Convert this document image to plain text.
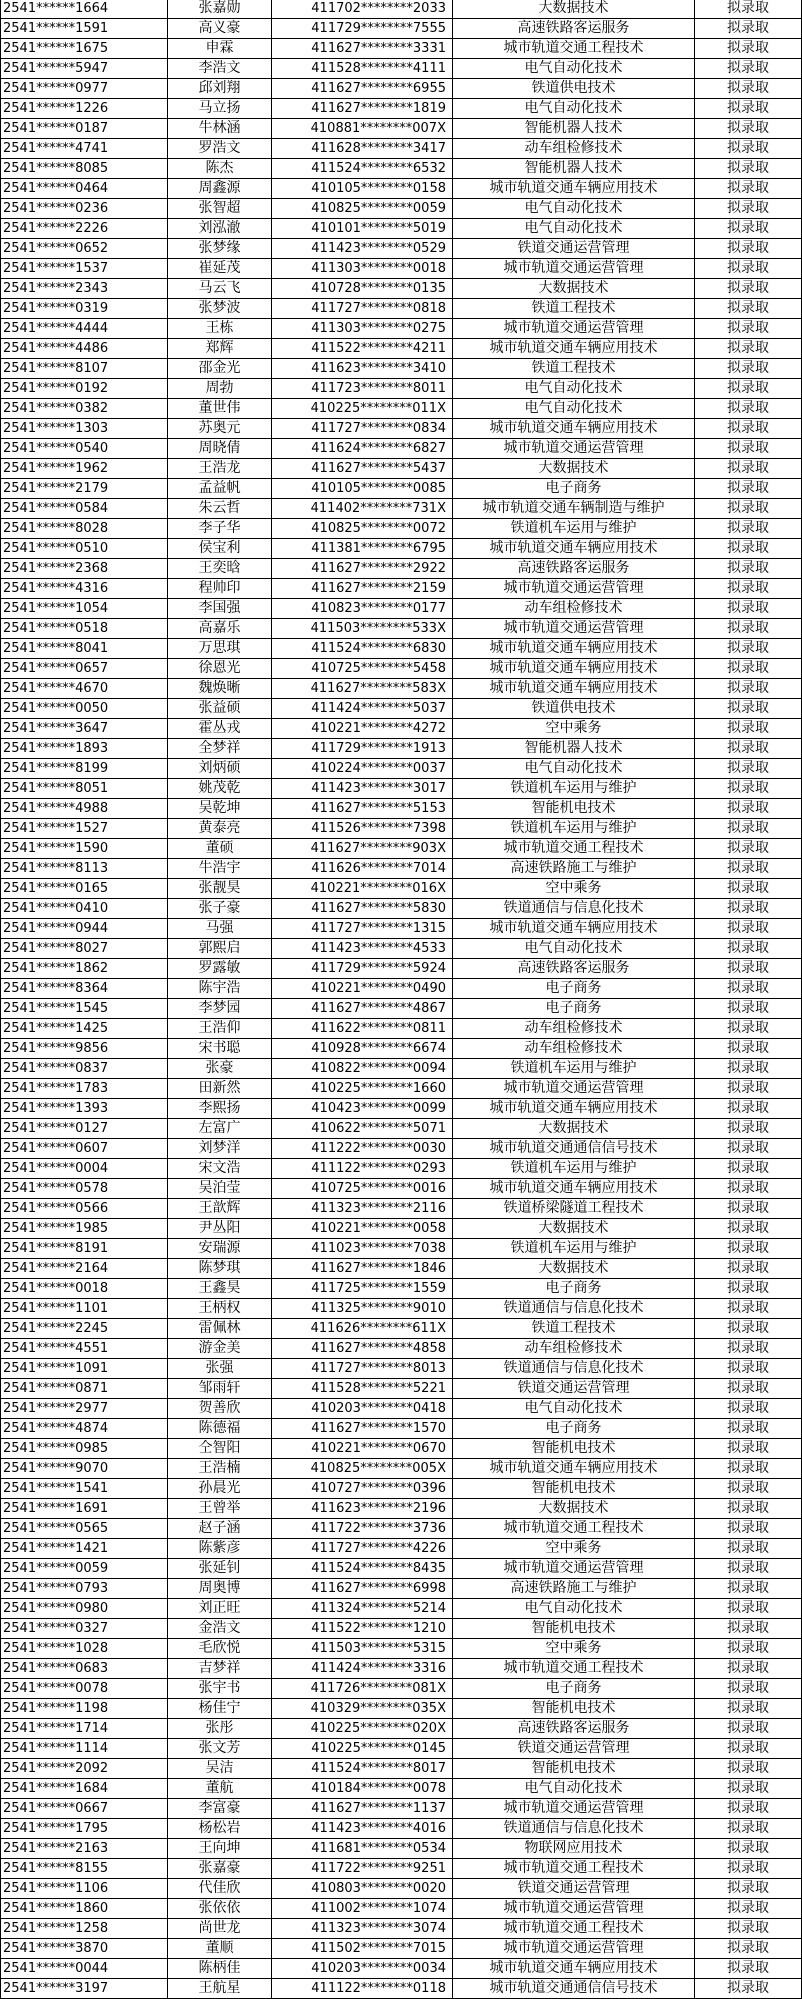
2541******1664	张嘉勋	411702********2033	大数据技术	拟录取
2541******1591	高义豪	411729********7555	高速铁路客运服务	拟录取
2541******1675	申霖	411627********3331	城市轨道交通工程技术	拟录取
2541******5947	李浩文	411528********4111	电气自动化技术	拟录取
2541******0977	邱刘翔	411627********6955	铁道供电技术	拟录取
2541******1226	马立扬	411627********1819	电气自动化技术	拟录取
2541******0187	牛林涵	410881********007X	智能机器人技术	拟录取
2541******4741	罗浩文	411628********3417	动车组检修技术	拟录取
2541******8085	陈杰	411524********6532	智能机器人技术	拟录取
2541******0464	周鑫源	410105********0158	城市轨道交通车辆应用技术	拟录取
2541******0236	张智超	410825********0059	电气自动化技术	拟录取
2541******2226	刘泓澈	410101********5019	电气自动化技术	拟录取
2541******0652	张梦缘	411423********0529	铁道交通运营管理	拟录取
2541******1537	崔延茂	411303********0018	城市轨道交通运营管理	拟录取
2541******2343	马云飞	410728********0135	大数据技术	拟录取
2541******0319	张梦波	411727********0818	铁道工程技术	拟录取
2541******4444	王栋	411303********0275	城市轨道交通运营管理	拟录取
2541******4486	郑辉	411522********4211	城市轨道交通车辆应用技术	拟录取
2541******8107	邵金光	411623********3410	铁道工程技术	拟录取
2541******0192	周勃	411723********8011	电气自动化技术	拟录取
2541******0382	董世伟	410225********011X	电气自动化技术	拟录取
2541******1303	苏奥元	411727********0834	城市轨道交通车辆应用技术	拟录取
2541******0540	周晓倩	411624********6827	城市轨道交通运营管理	拟录取
2541******1962	王浩龙	411627********5437	大数据技术	拟录取
2541******2179	孟益帆	410105********0085	电子商务	拟录取
2541******0584	朱云哲	411402********731X	城市轨道交通车辆制造与维护	拟录取
2541******8028	李子华	410825********0072	铁道机车运用与维护	拟录取
2541******0510	侯宝利	411381********6795	城市轨道交通车辆应用技术	拟录取
2541******2368	王奕晗	411627********2922	高速铁路客运服务	拟录取
2541******4316	程帅印	411627********2159	城市轨道交通运营管理	拟录取
2541******1054	李国强	410823********0177	动车组检修技术	拟录取
2541******0518	高嘉乐	411503********533X	城市轨道交通运营管理	拟录取
2541******8041	万思琪	411524********6830	城市轨道交通车辆应用技术	拟录取
2541******0657	徐恩光	410725********5458	城市轨道交通车辆应用技术	拟录取
2541******4670	魏焕晰	411627********583X	城市轨道交通车辆应用技术	拟录取
2541******0050	张益硕	411424********5037	铁道供电技术	拟录取
2541******3647	霍丛戎	410221********4272	空中乘务	拟录取
2541******1893	全梦祥	411729********1913	智能机器人技术	拟录取
2541******8199	刘炳硕	410224********0037	电气自动化技术	拟录取
2541******8051	姚茂乾	411423********3017	铁道机车运用与维护	拟录取
2541******4988	吴乾坤	411627********5153	智能机电技术	拟录取
2541******1527	黄泰亮	411526********7398	铁道机车运用与维护	拟录取
2541******1590	董硕	411627********903X	城市轨道交通工程技术	拟录取
2541******8113	牛浩宇	411626********7014	高速铁路施工与维护	拟录取
2541******0165	张靓昊	410221********016X	空中乘务	拟录取
2541******0410	张子豪	411627********5830	铁道通信与信息化技术	拟录取
2541******0944	马强	411727********1315	城市轨道交通车辆应用技术	拟录取
2541******8027	郭熙启	411423********4533	电气自动化技术	拟录取
2541******1862	罗露敏	411729********5924	高速铁路客运服务	拟录取
2541******8364	陈宇浩	410221********0490	电子商务	拟录取
2541******1545	李梦园	411627********4867	电子商务	拟录取
2541******1425	王浩仰	411622********0811	动车组检修技术	拟录取
2541******9856	宋书聪	410928********6674	动车组检修技术	拟录取
2541******0837	张豪	410822********0094	铁道机车运用与维护	拟录取
2541******1783	田新然	410225********1660	城市轨道交通运营管理	拟录取
2541******1393	李熙扬	410423********0099	城市轨道交通车辆应用技术	拟录取
2541******0127	左富广	410622********5071	大数据技术	拟录取
2541******0607	刘梦洋	411222********0030	城市轨道交通通信信号技术	拟录取
2541******0004	宋文浩	411122********0293	铁道机车运用与维护	拟录取
2541******0578	吴泊莹	410725********0016	城市轨道交通车辆应用技术	拟录取
2541******0566	王歆辉	411323********2116	铁道桥梁隧道工程技术	拟录取
2541******1985	尹丛阳	410221********0058	大数据技术	拟录取
2541******8191	安瑞源	411023********7038	铁道机车运用与维护	拟录取
2541******2164	陈梦琪	411627********1846	大数据技术	拟录取
2541******0018	王鑫昊	411725********1559	电子商务	拟录取
2541******1101	王柄权	411325********9010	铁道通信与信息化技术	拟录取
2541******2245	雷佩林	411626********611X	铁道工程技术	拟录取
2541******4551	游金美	411627********4858	动车组检修技术	拟录取
2541******1091	张强	411727********8013	铁道通信与信息化技术	拟录取
2541******0871	邹雨轩	411528********5221	铁道交通运营管理	拟录取
2541******2977	贺善欣	410203********0418	电气自动化技术	拟录取
2541******4874	陈德福	411627********1570	电子商务	拟录取
2541******0985	仝智阳	410221********0670	智能机电技术	拟录取
2541******9070	王浩楠	410825********005X	城市轨道交通车辆应用技术	拟录取
2541******1541	孙晨光	410727********0396	智能机电技术	拟录取
2541******1691	王曾举	411623********2196	大数据技术	拟录取
2541******0565	赵子涵	411722********3736	城市轨道交通工程技术	拟录取
2541******1421	陈紫彦	411727********4226	空中乘务	拟录取
2541******0059	张延钊	411524********8435	城市轨道交通运营管理	拟录取
2541******0793	周奥博	411627********6998	高速铁路施工与维护	拟录取
2541******0980	刘正旺	411324********5214	电气自动化技术	拟录取
2541******0327	金浩文	411522********1210	智能机电技术	拟录取
2541******1028	毛欣悦	411503********5315	空中乘务	拟录取
2541******0683	吉梦祥	411424********3316	城市轨道交通工程技术	拟录取
2541******0078	张宇书	411726********081X	电子商务	拟录取
2541******1198	杨佳宁	410329********035X	智能机电技术	拟录取
2541******1714	张彤	410225********020X	高速铁路客运服务	拟录取
2541******1114	张文芳	410225********0145	铁道交通运营管理	拟录取
2541******2092	吴洁	411524********8017	智能机电技术	拟录取
2541******1684	董航	410184********0078	电气自动化技术	拟录取
2541******0667	李富豪	411627********1137	城市轨道交通运营管理	拟录取
2541******1795	杨松岩	411423********4016	铁道通信与信息化技术	拟录取
2541******2163	王向坤	411681********0534	物联网应用技术	拟录取
2541******8155	张嘉豪	411722********9251	城市轨道交通工程技术	拟录取
2541******1106	代佳欣	410803********0020	铁道交通运营管理	拟录取
2541******1860	张依依	411002********1074	城市轨道交通运营管理	拟录取
2541******1258	尚世龙	411323********3074	城市轨道交通工程技术	拟录取
2541******3870	董顺	411502********7015	城市轨道交通运营管理	拟录取
2541******0044	陈柄佳	410203********0034	城市轨道交通车辆应用技术	拟录取
2541******3197	王航星	411122********0118	城市轨道交通通信信号技术	拟录取
